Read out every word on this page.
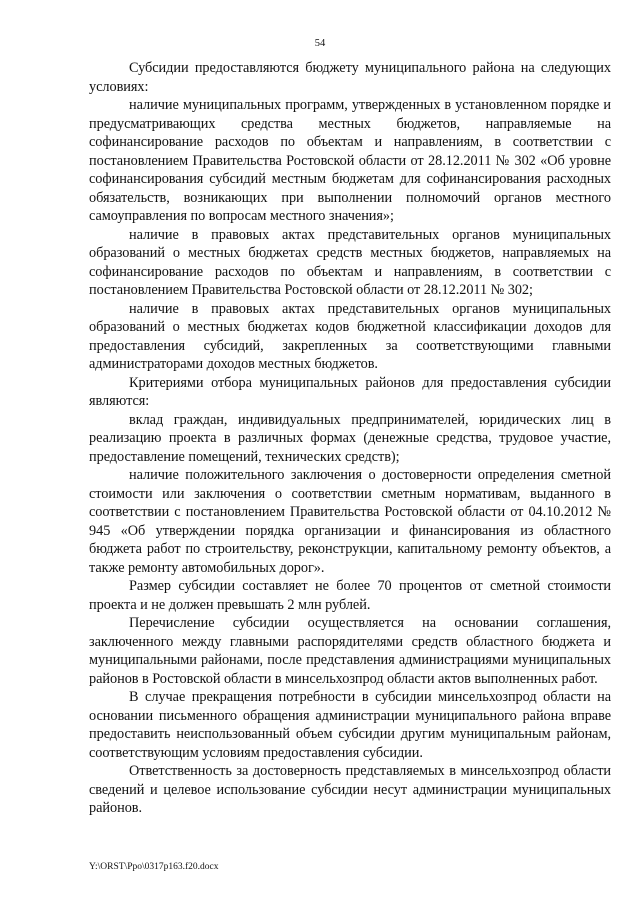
54

Субсидии предоставляются бюджету муниципального района на следующих условиях:

наличие муниципальных программ, утвержденных в установленном порядке и предусматривающих средства местных бюджетов, направляемые на софинансирование расходов по объектам и направлениям, в соответствии с постановлением Правительства Ростовской области от 28.12.2011 № 302 «Об уровне софинансирования субсидий местным бюджетам для софинансирования расходных обязательств, возникающих при выполнении полномочий органов местного самоуправления по вопросам местного значения»;

наличие в правовых актах представительных органов муниципальных образований о местных бюджетах средств местных бюджетов, направляемых на софинансирование расходов по объектам и направлениям, в соответствии с постановлением Правительства Ростовской области от 28.12.2011 № 302;

наличие в правовых актах представительных органов муниципальных образований о местных бюджетах кодов бюджетной классификации доходов для предоставления субсидий, закрепленных за соответствующими главными администраторами доходов местных бюджетов.

Критериями отбора муниципальных районов для предоставления субсидии являются:

вклад граждан, индивидуальных предпринимателей, юридических лиц в реализацию проекта в различных формах (денежные средства, трудовое участие, предоставление помещений, технических средств);

наличие положительного заключения о достоверности определения сметной стоимости или заключения о соответствии сметным нормативам, выданного в соответствии с постановлением Правительства Ростовской области от 04.10.2012 № 945 «Об утверждении порядка организации и финансирования из областного бюджета работ по строительству, реконструкции, капитальному ремонту объектов, а также ремонту автомобильных дорог».

Размер субсидии составляет не более 70 процентов от сметной стоимости проекта и не должен превышать 2 млн рублей.

Перечисление субсидии осуществляется на основании соглашения, заключенного между главными распорядителями средств областного бюджета и муниципальными районами, после представления администрациями муниципальных районов в Ростовской области в минсельхозпрод области актов выполненных работ.

В случае прекращения потребности в субсидии минсельхозпрод области на основании письменного обращения администрации муниципального района вправе предоставить неиспользованный объем субсидии другим муниципальным районам, соответствующим условиям предоставления субсидии.

Ответственность за достоверность представляемых в минсельхозпрод области сведений и целевое использование субсидии несут администрации муниципальных районов.

Y:\ORST\Ppo\0317p163.f20.docx
